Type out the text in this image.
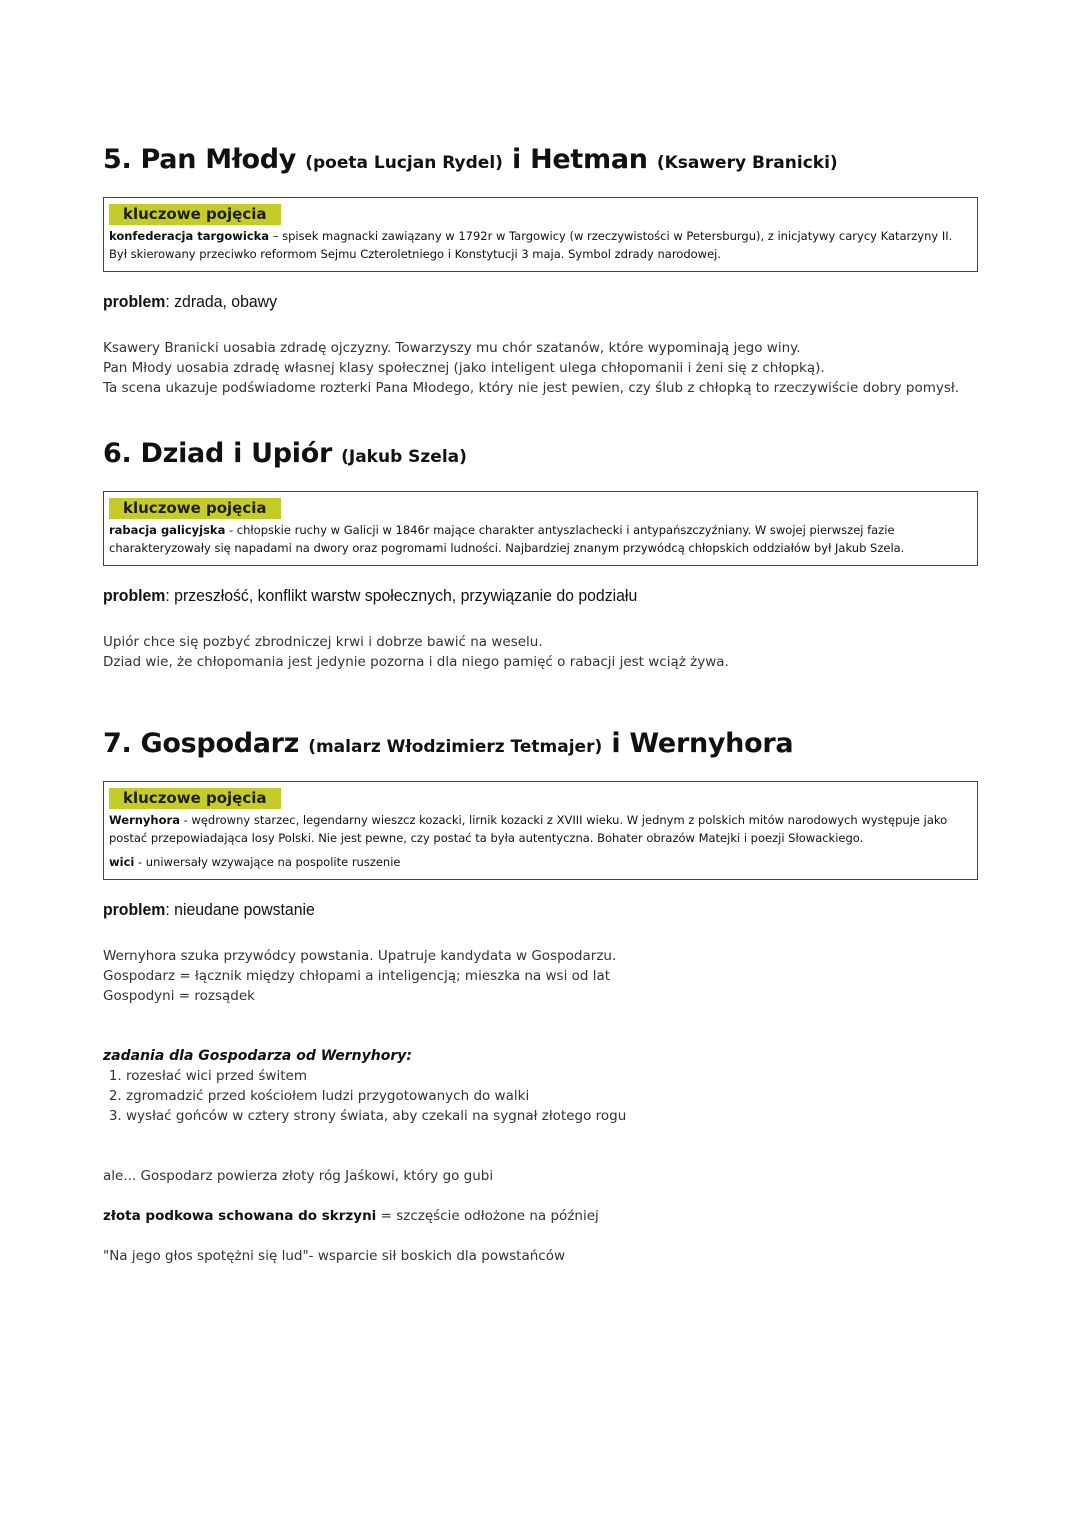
5. Pan Młody (poeta Lucjan Rydel) i Hetman (Ksawery Branicki)
kluczowe pojęcia

konfederacja targowicka – spisek magnacki zawiązany w 1792r w Targowicy (w rzeczywistości w Petersburgu), z inicjatywy carycy Katarzyny II. Był skierowany przeciwko reformom Sejmu Czteroletniego i Konstytucji 3 maja. Symbol zdrady narodowej.

problem: zdrada, obawy

Ksawery Branicki uosabia zdradę ojczyzny. Towarzyszy mu chór szatanów, które wypominają jego winy.

Pan Młody uosabia zdradę własnej klasy społecznej (jako inteligent ulega chłopomanii i żeni się z chłopką).

Ta scena ukazuje podświadome rozterki Pana Młodego, który nie jest pewien, czy ślub z chłopką to rzeczywiście dobry pomysł.

6. Dziad i Upiór (Jakub Szela)
kluczowe pojęcia

rabacja galicyjska - chłopskie ruchy w Galicji w 1846r mające charakter antyszlachecki i antypańszczyźniany. W swojej pierwszej fazie charakteryzowały się napadami na dwory oraz pogromami ludności. Najbardziej znanym przywódcą chłopskich oddziałów był Jakub Szela.

problem: przeszłość, konflikt warstw społecznych, przywiązanie do podziału

Upiór chce się pozbyć zbrodniczej krwi i dobrze bawić na weselu.

Dziad wie, że chłopomania jest jedynie pozorna i dla niego pamięć o rabacji jest wciąż żywa.

7. Gospodarz (malarz Włodzimierz Tetmajer) i Wernyhora
kluczowe pojęcia

Wernyhora - wędrowny starzec, legendarny wieszcz kozacki, lirnik kozacki z XVIII wieku. W jednym z polskich mitów narodowych występuje jako postać przepowiadająca losy Polski. Nie jest pewne, czy postać ta była autentyczna. Bohater obrazów Matejki i poezji Słowackiego.

wici - uniwersały wzywające na pospolite ruszenie

problem: nieudane powstanie

Wernyhora szuka przywódcy powstania. Upatruje kandydata w Gospodarzu.

Gospodarz = łącznik między chłopami a inteligencją; mieszka na wsi od lat

Gospodyni = rozsądek

zadania dla Gospodarza od Wernyhory:

1. rozesłać wici przed świtem
2. zgromadzić przed kościołem ludzi przygotowanych do walki
3. wysłać gońców w cztery strony świata, aby czekali na sygnał złotego rogu

ale... Gospodarz powierza złoty róg Jaśkowi, który go gubi

złota podkowa schowana do skrzyni = szczęście odłożone na później

"Na jego głos spotężni się lud"- wsparcie sił boskich dla powstańców
